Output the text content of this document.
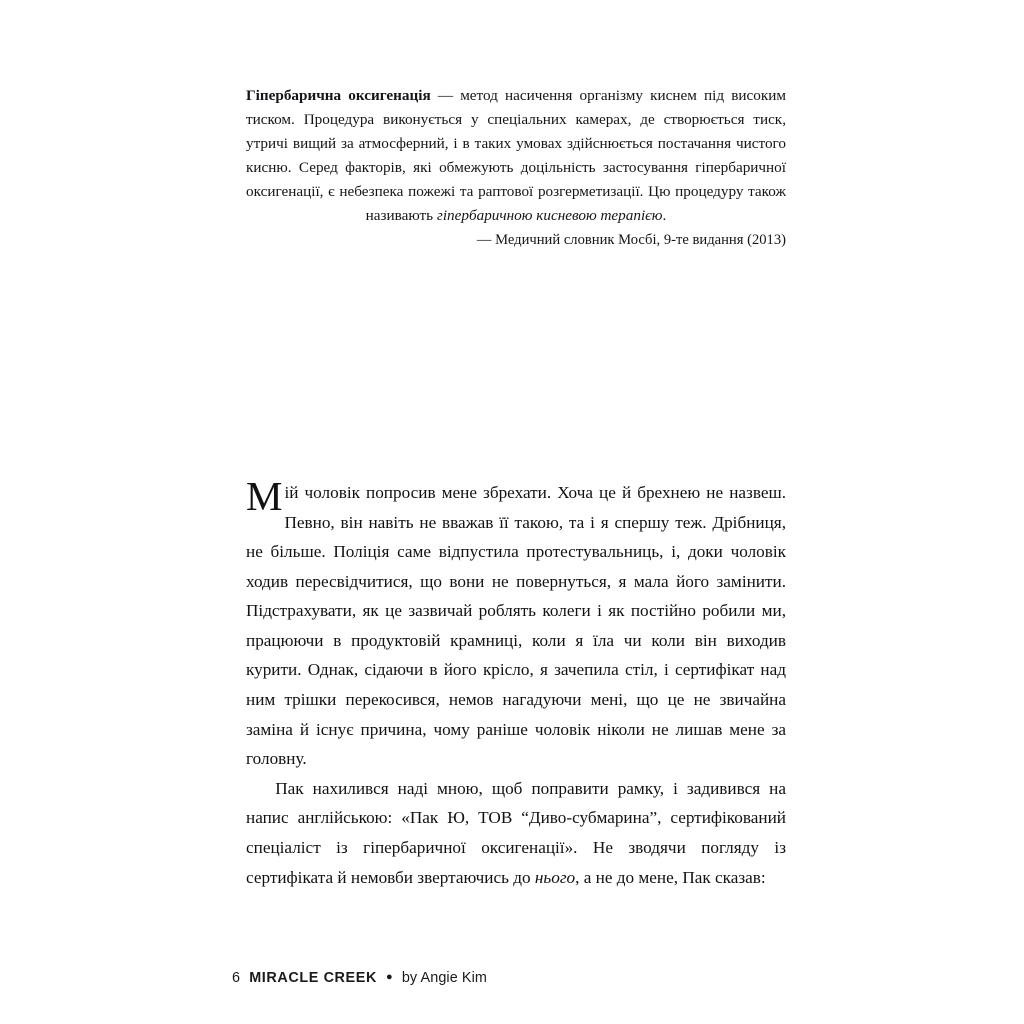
Гіпербарична оксигенація — метод насичення організму киснем під високим тиском. Процедура виконується у спеціальних камерах, де створюється тиск, утричі вищий за атмосферний, і в таких умовах здійснюється постачання чистого кисню. Серед факторів, які обмежують доцільність застосування гіпербаричної оксигенації, є небезпека пожежі та раптової розгерметизації. Цю процедуру також називають гіпербаричною кисневою терапією.
— Медичний словник Мосбі, 9-те видання (2013)

Мій чоловік попросив мене збрехати. Хоча це й брехнею не назвеш. Певно, він навіть не вважав її такою, та і я спершу теж. Дрібниця, не більше. Поліція саме відпустила протестувальниць, і, доки чоловік ходив пересвідчитися, що вони не повернуться, я мала його замінити. Підстрахувати, як це зазвичай роблять колеги і як постійно робили ми, працюючи в продуктовій крамниці, коли я їла чи коли він виходив курити. Однак, сідаючи в його крісло, я зачепила стіл, і сертифікат над ним трішки перекосився, немов нагадуючи мені, що це не звичайна заміна й існує причина, чому раніше чоловік ніколи не лишав мене за головну.

Пак нахилився наді мною, щоб поправити рамку, і задивився на напис англійською: «Пак Ю, ТОВ “Диво-субмарина”, сертифікований спеціаліст із гіпербаричної оксигенації». Не зводячи погляду із сертифіката й немовби звертаючись до нього, а не до мене, Пак сказав:

6 MIRACLE CREEK ● by Angie Kim
